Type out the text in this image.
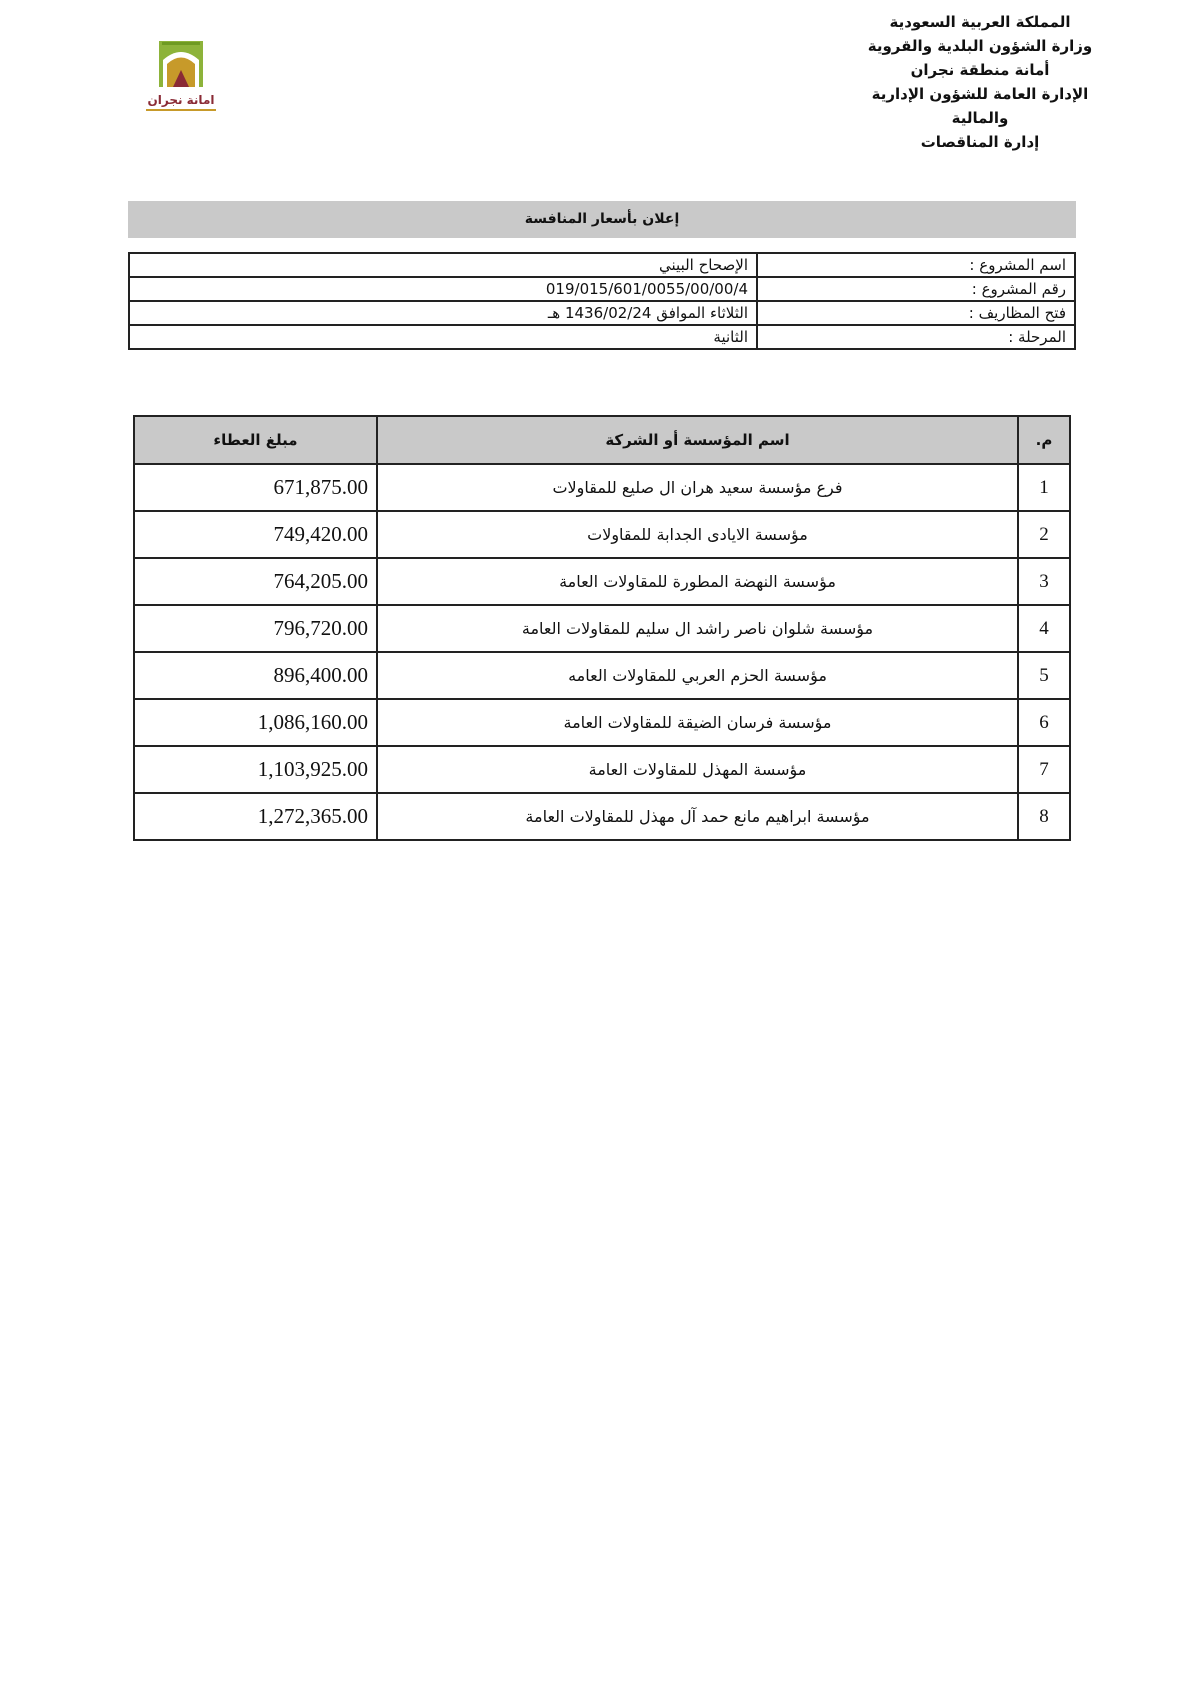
المملكة العربية السعودية
وزارة الشؤون البلدية والقروية
أمانة منطقة نجران
الإدارة العامة للشؤون الإدارية
والمالية
إدارة المناقصات
امانة نجران
إعلان بأسعار المنافسة
اسم المشروع :	الإصحاح البيني
رقم المشروع :	019/015/601/0055/00/00/4
فتح المظاريف :	الثلاثاء الموافق 1436/02/24 هـ
المرحلة :	الثانية
م.	اسم المؤسسة أو الشركة	مبلغ العطاء
1	فرع مؤسسة سعيد هران ال صليع للمقاولات	671,875.00
2	مؤسسة الايادى الجدابة للمقاولات	749,420.00
3	مؤسسة النهضة المطورة للمقاولات العامة	764,205.00
4	مؤسسة شلوان ناصر راشد ال سليم للمقاولات العامة	796,720.00
5	مؤسسة الحزم العربي للمقاولات العامه	896,400.00
6	مؤسسة فرسان الضيقة للمقاولات العامة	1,086,160.00
7	مؤسسة المهذل للمقاولات العامة	1,103,925.00
8	مؤسسة ابراهيم مانع حمد آل مهذل للمقاولات العامة	1,272,365.00
